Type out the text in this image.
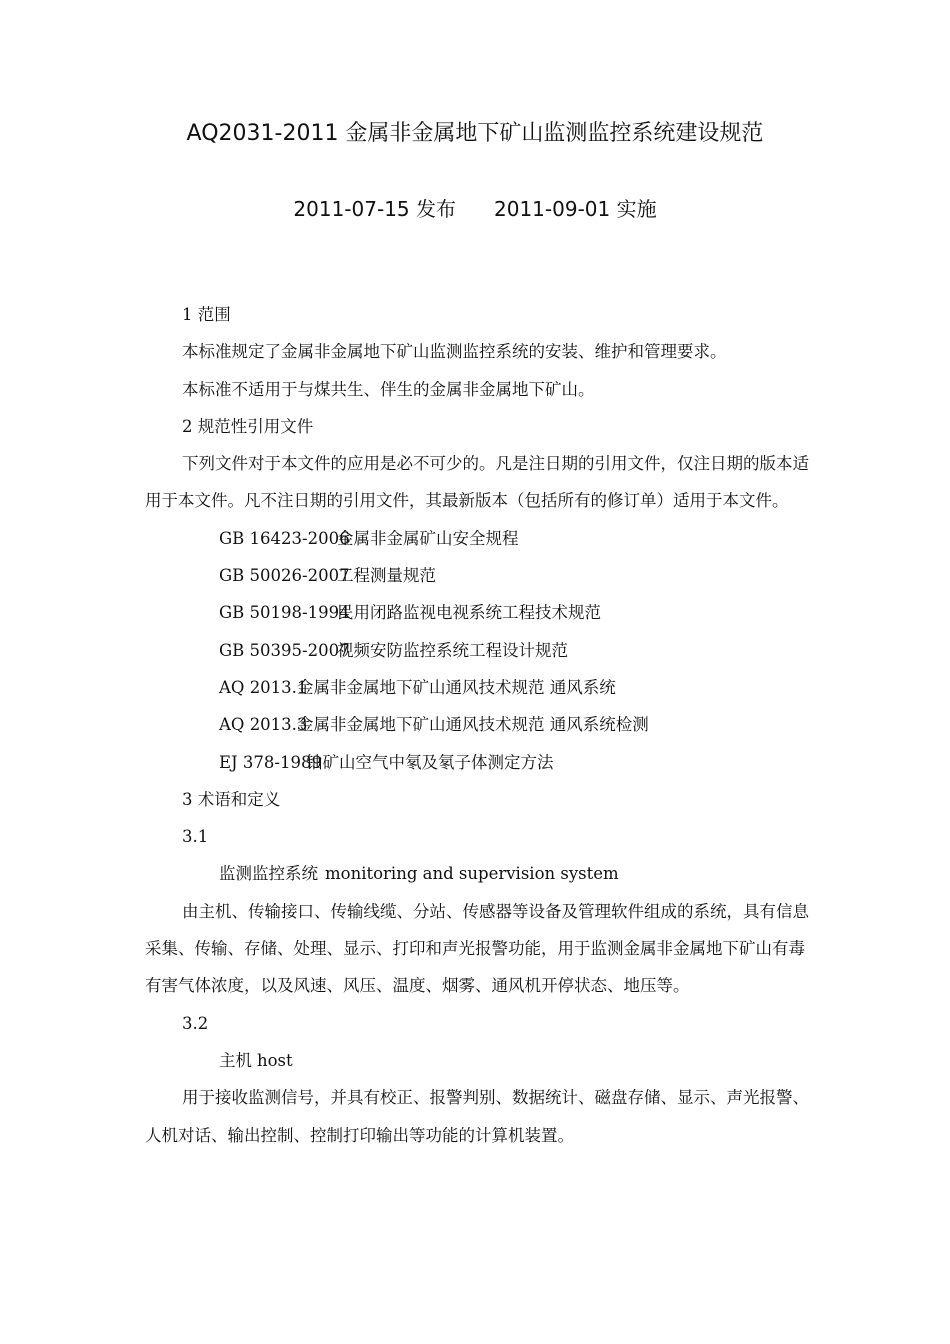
AQ2031-2011 金属非金属地下矿山监测监控系统建设规范
2011-07-15 发布 2011-09-01 实施

1 范围

本标准规定了金属非金属地下矿山监测监控系统的安装、维护和管理要求。

本标准不适用于与煤共生、伴生的金属非金属地下矿山。

2 规范性引用文件

下列文件对于本文件的应用是必不可少的。凡是注日期的引用文件，仅注日期的版本适用于本文件。凡不注日期的引用文件，其最新版本（包括所有的修订单）适用于本文件。

GB 16423-2006金属非金属矿山安全规程

GB 50026-2007工程测量规范

GB 50198-1994民用闭路监视电视系统工程技术规范

GB 50395-2007视频安防监控系统工程设计规范

AQ 2013.1金属非金属地下矿山通风技术规范 通风系统

AQ 2013.3金属非金属地下矿山通风技术规范 通风系统检测

EJ 378-1989铀矿山空气中氡及氡子体测定方法

3 术语和定义

3.1

监测监控系统 monitoring and supervision system

由主机、传输接口、传输线缆、分站、传感器等设备及管理软件组成的系统，具有信息采集、传输、存储、处理、显示、打印和声光报警功能，用于监测金属非金属地下矿山有毒有害气体浓度，以及风速、风压、温度、烟雾、通风机开停状态、地压等。

3.2

主机 host

用于接收监测信号，并具有校正、报警判别、数据统计、磁盘存储、显示、声光报警、人机对话、输出控制、控制打印输出等功能的计算机装置。
